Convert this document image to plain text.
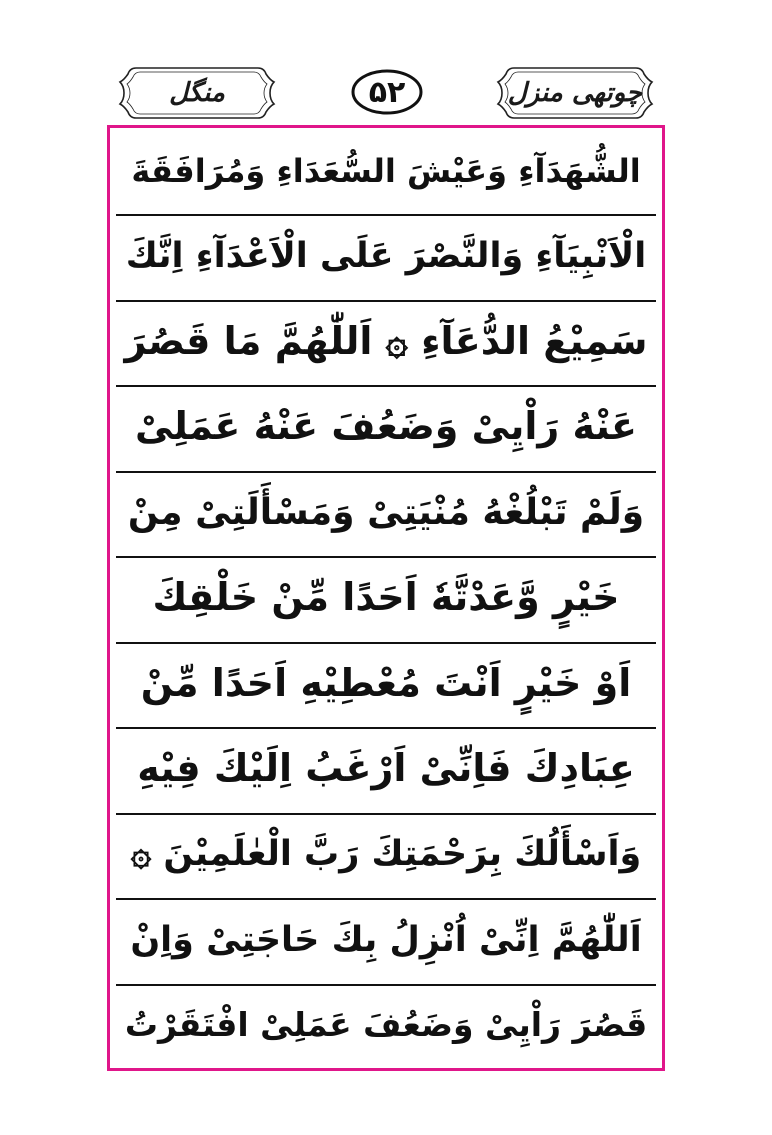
منگل	۵۲	چوتھی منزل
الشُّهَدَآءِ وَعَيْشَ السُّعَدَاءِ وَمُرَافَقَةَ
الْاَنْبِيَآءِ وَالنَّصْرَ عَلَى الْاَعْدَآءِ اِنَّكَ
سَمِيْعُ الدُّعَآءِ ۞ اَللّٰهُمَّ مَا قَصُرَ
عَنْهُ رَاْيِیْ وَضَعُفَ عَنْهُ عَمَلِیْ
وَلَمْ تَبْلُغْهُ مُنْيَتِیْ وَمَسْأَلَتِیْ مِنْ
خَيْرٍ وَّعَدْتَّهٗ اَحَدًا مِّنْ خَلْقِكَ
اَوْ خَيْرٍ اَنْتَ مُعْطِيْهِ اَحَدًا مِّنْ
عِبَادِكَ فَاِنِّیْ اَرْغَبُ اِلَيْكَ فِيْهِ
وَاَسْأَلُكَ بِرَحْمَتِكَ رَبَّ الْعٰلَمِيْنَ ۞
اَللّٰهُمَّ اِنِّیْ اُنْزِلُ بِكَ حَاجَتِیْ وَاِنْ
قَصُرَ رَاْيِیْ وَضَعُفَ عَمَلِیْ افْتَقَرْتُ
